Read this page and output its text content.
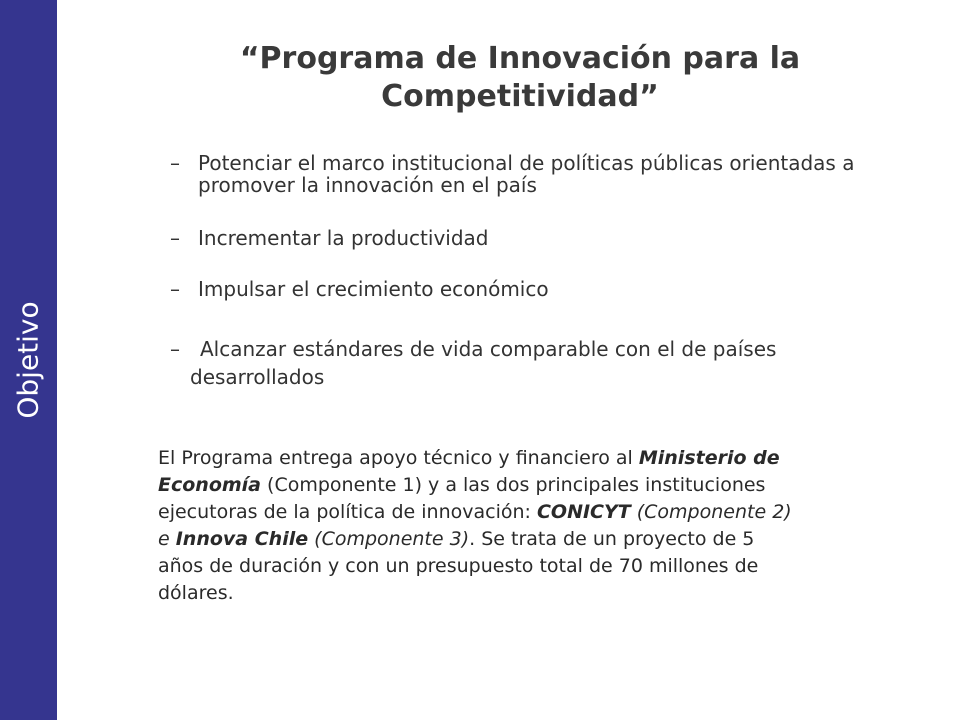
Objetivo
“Programa de Innovación para la Competitividad”
– Potenciar el marco institucional de políticas públicas orientadas a promover la innovación en el país
– Incrementar la productividad
– Impulsar el crecimiento económico
– Alcanzar estándares de vida comparable con el de países
desarrollados
El Programa entrega apoyo técnico y financiero al Ministerio de Economía (Componente 1) y a las dos principales instituciones ejecutoras de la política de innovación: CONICYT (Componente 2) e Innova Chile (Componente 3). Se trata de un proyecto de 5 años de duración y con un presupuesto total de 70 millones de dólares.
